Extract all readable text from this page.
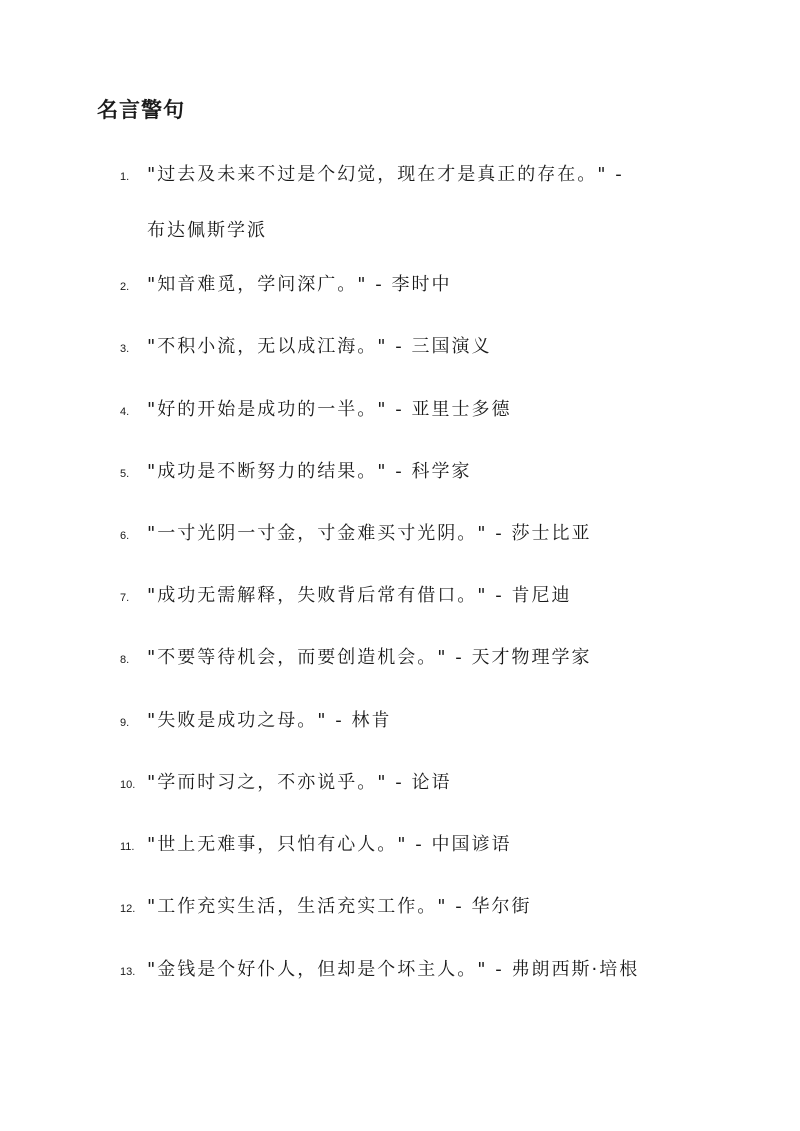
名言警句
1. "过去及未来不过是个幻觉，现在才是真正的存在。" -
布达佩斯学派
2. "知音难觅，学问深广。" - 李时中
3. "不积小流，无以成江海。" - 三国演义
4. "好的开始是成功的一半。" - 亚里士多德
5. "成功是不断努力的结果。" - 科学家
6. "一寸光阴一寸金，寸金难买寸光阴。" - 莎士比亚
7. "成功无需解释，失败背后常有借口。" - 肯尼迪
8. "不要等待机会，而要创造机会。" - 天才物理学家
9. "失败是成功之母。" - 林肯
10. "学而时习之，不亦说乎。" - 论语
11. "世上无难事，只怕有心人。" - 中国谚语
12. "工作充实生活，生活充实工作。" - 华尔街
13. "金钱是个好仆人，但却是个坏主人。" - 弗朗西斯·培根
